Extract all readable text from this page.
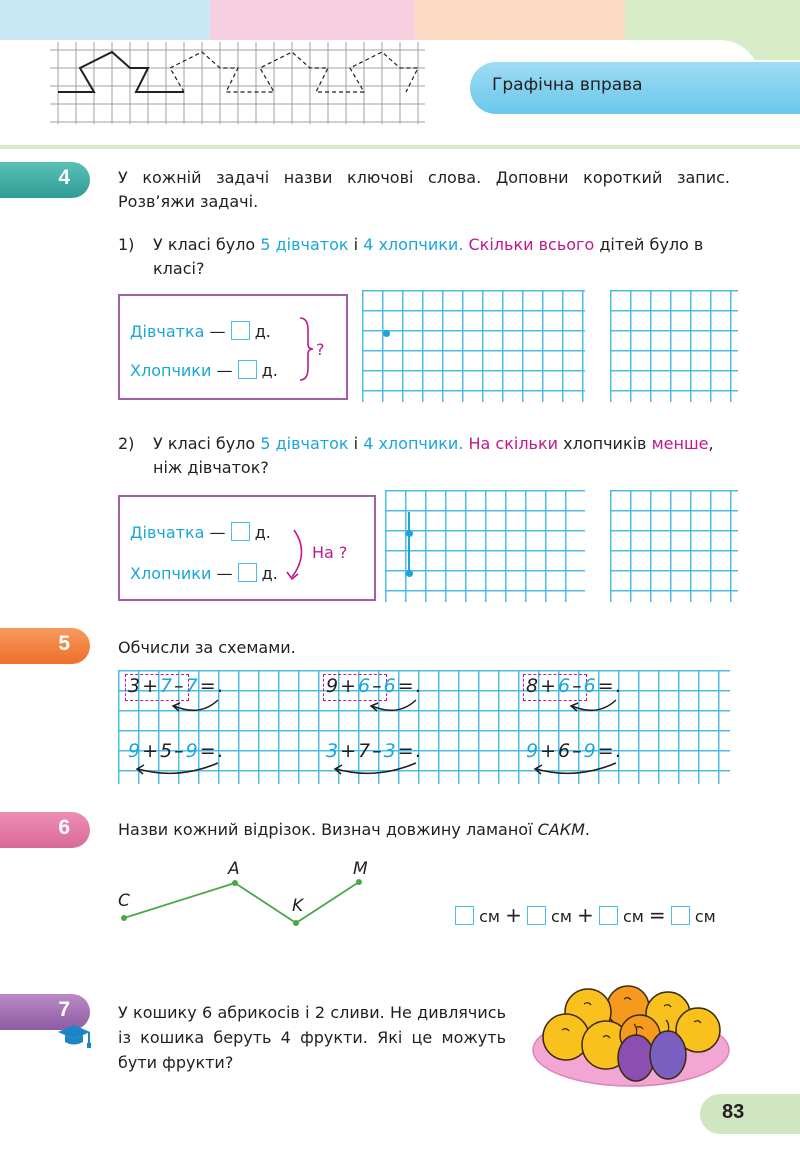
Графічна вправа
4	У кожній задачі назви ключові слова. Доповни короткий запис. Розв’яжи задачі.
1) У класі було 5 дівчаток і 4 хлопчики. Скільки всього дітей було в класі?
Дівчатка — д.
Хлопчики — д.
?
2) У класі було 5 дівчаток і 4 хлопчики. На скільки хлопчиків менше, ніж дівчаток?
Дівчатка — д.
Хлопчики — д.
На ?
5	Обчисли за схемами.
3+7–7=.	9+6–6=.	8+6–6=.
9+5–9=.	3+7–3=.	9+6–9=.
6	Назви кожний відрізок. Визнач довжину ламаної САКМ.
C
A
K
M
см + см + см = см
7	У кошику 6 абрикосів і 2 сливи. Не дивлячись із кошика беруть 4 фрукти. Які це можуть бути фрукти?
83
